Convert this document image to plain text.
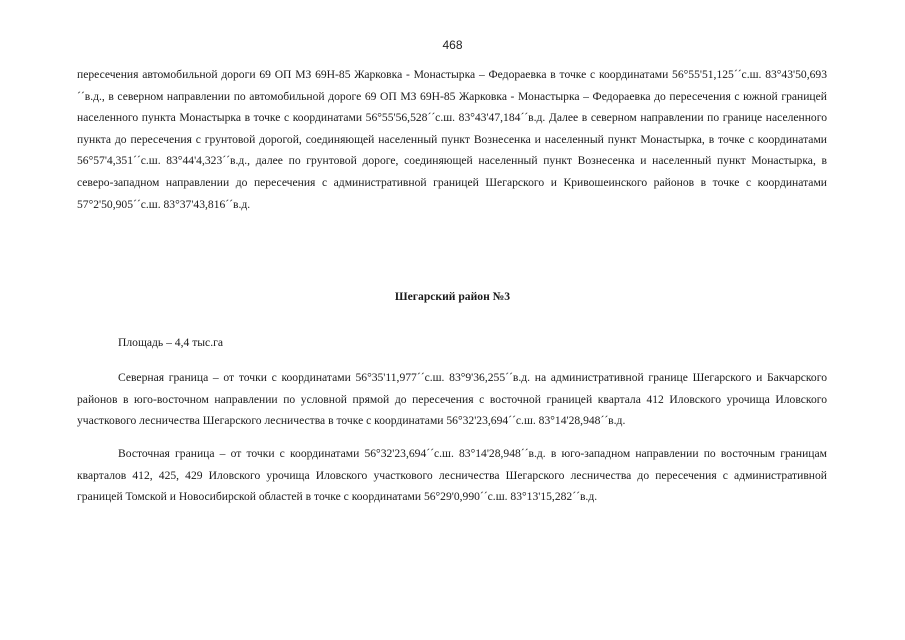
468
пересечения автомобильной дороги 69 ОП МЗ 69Н-85 Жарковка - Монастырка – Федораевка в точке с координатами 56°55'51,125´´с.ш. 83°43'50,693´´в.д., в северном направлении по автомобильной дороге 69 ОП МЗ 69Н-85 Жарковка - Монастырка – Федораевка до пересечения с южной границей населенного пункта Монастырка в точке с координатами 56°55'56,528´´с.ш. 83°43'47,184´´в.д. Далее в северном направлении по границе населенного пункта до пересечения с грунтовой дорогой, соединяющей населенный пункт Вознесенка и населенный пункт Монастырка, в точке с координатами 56°57'4,351´´с.ш. 83°44'4,323´´в.д., далее по грунтовой дороге, соединяющей населенный пункт Вознесенка и населенный пункт Монастырка, в северо-западном направлении до пересечения с административной границей Шегарского и Кривошеинского районов в точке с координатами 57°2'50,905´´с.ш. 83°37'43,816´´в.д.
Шегарский район №3
Площадь – 4,4 тыс.га
Северная граница – от точки с координатами 56°35'11,977´´с.ш. 83°9'36,255´´в.д. на административной границе Шегарского и Бакчарского районов в юго-восточном направлении по условной прямой до пересечения с восточной границей квартала 412 Иловского урочища Иловского участкового лесничества Шегарского лесничества в точке с координатами 56°32'23,694´´с.ш. 83°14'28,948´´в.д.
Восточная граница – от точки с координатами 56°32'23,694´´с.ш. 83°14'28,948´´в.д. в юго-западном направлении по восточным границам кварталов 412, 425, 429 Иловского урочища Иловского участкового лесничества Шегарского лесничества до пересечения с административной границей Томской и Новосибирской областей в точке с координатами 56°29'0,990´´с.ш. 83°13'15,282´´в.д.
